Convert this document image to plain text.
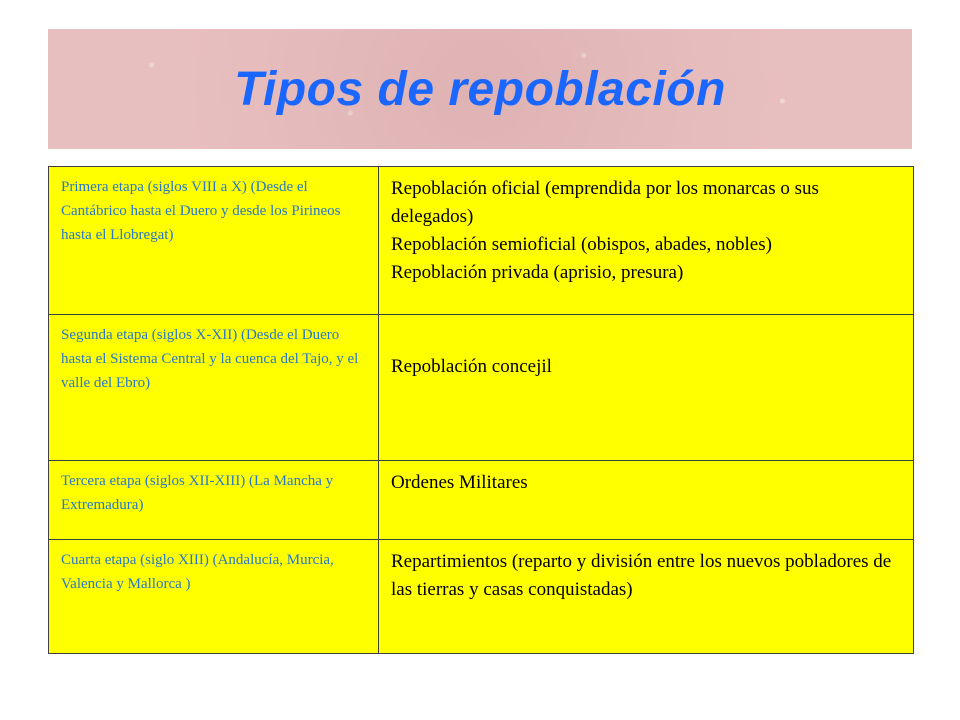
Tipos de repoblación
Primera etapa (siglos VIII a X) (Desde el Cantábrico hasta el Duero y desde los Pirineos hasta el Llobregat)	Repoblación oficial (emprendida por los monarcas o sus delegados)
Repoblación semioficial (obispos, abades, nobles)
Repoblación privada (aprisio, presura)

Segunda etapa (siglos X-XII) (Desde el Duero hasta el Sistema Central y la cuenca del Tajo, y el valle del Ebro)	Repoblación concejil

Tercera etapa (siglos XII-XIII) (La Mancha y Extremadura)	Ordenes Militares

Cuarta etapa (siglo XIII) (Andalucía, Murcia, Valencia y Mallorca )	Repartimientos (reparto y división entre los nuevos pobladores de las tierras y casas conquistadas)
